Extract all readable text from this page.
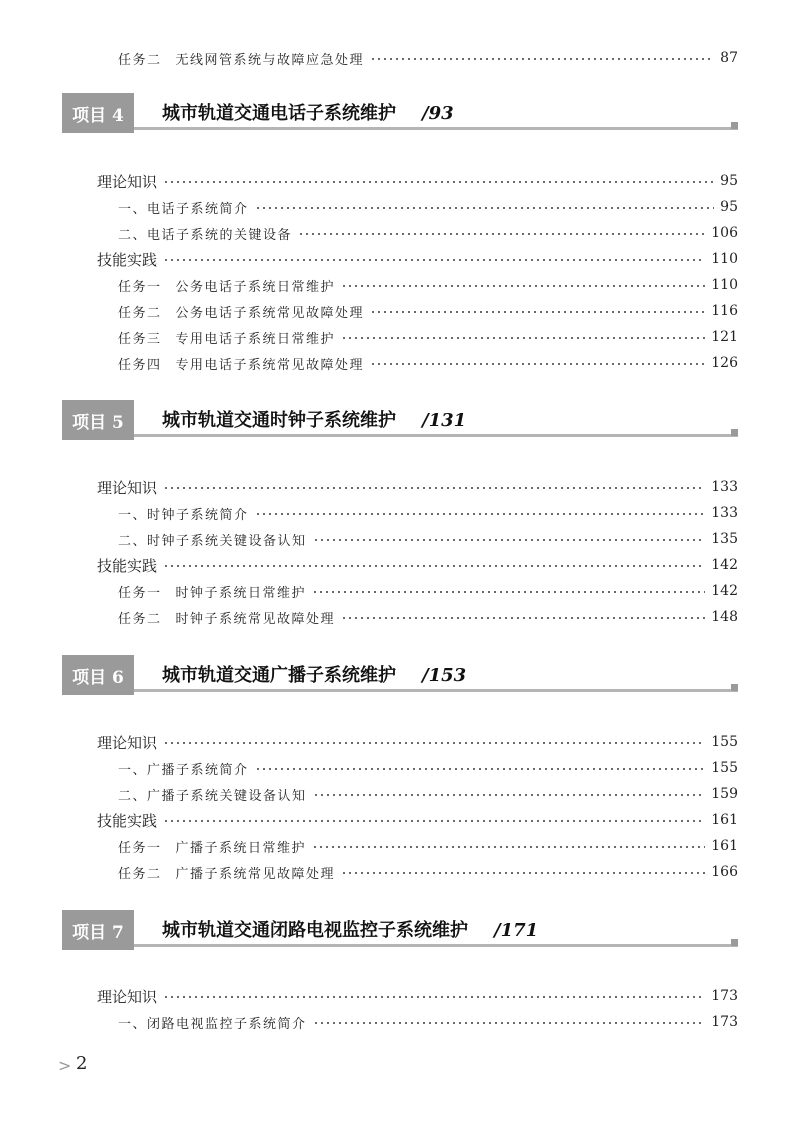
任务二 无线网管系统与故障应急处理	87
项目 4	城市轨道交通电话子系统维护 /93
理论知识	95
一、电话子系统简介	95
二、电话子系统的关键设备	106
技能实践	110
任务一 公务电话子系统日常维护	110
任务二 公务电话子系统常见故障处理	116
任务三 专用电话子系统日常维护	121
任务四 专用电话子系统常见故障处理	126
项目 5	城市轨道交通时钟子系统维护 /131
理论知识	133
一、时钟子系统简介	133
二、时钟子系统关键设备认知	135
技能实践	142
任务一 时钟子系统日常维护	142
任务二 时钟子系统常见故障处理	148
项目 6	城市轨道交通广播子系统维护 /153
理论知识	155
一、广播子系统简介	155
二、广播子系统关键设备认知	159
技能实践	161
任务一 广播子系统日常维护	161
任务二 广播子系统常见故障处理	166
项目 7	城市轨道交通闭路电视监控子系统维护 /171
理论知识	173
一、闭路电视监控子系统简介	173
> 2
